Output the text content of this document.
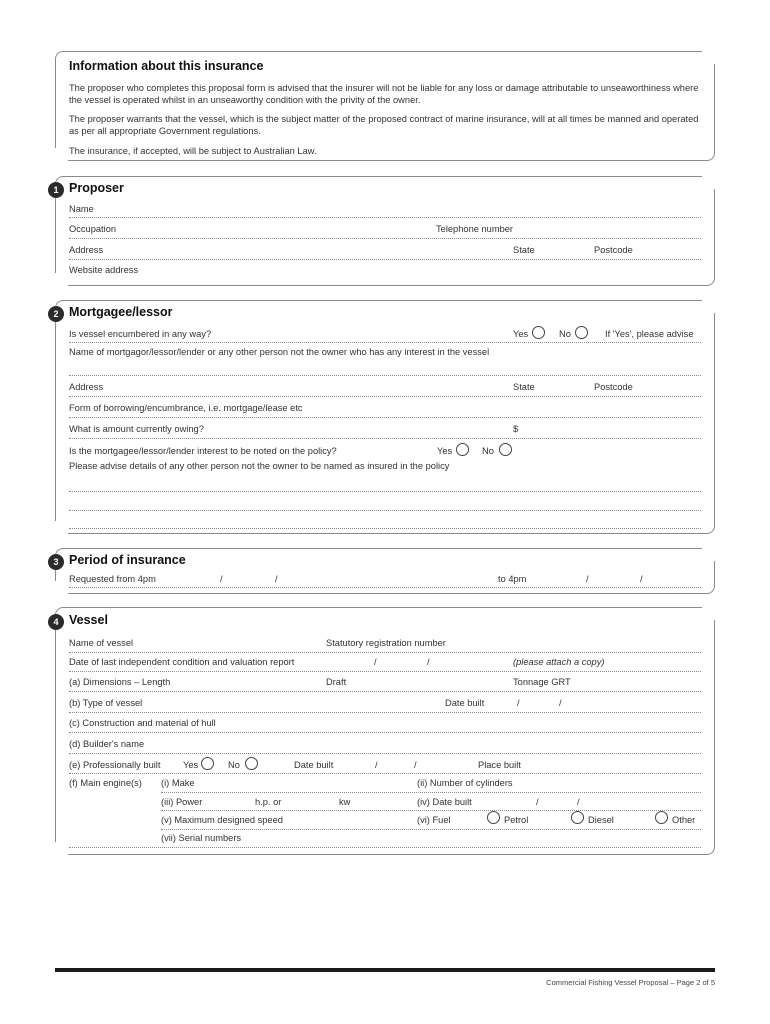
Information about this insurance
The proposer who completes this proposal form is advised that the insurer will not be liable for any loss or damage attributable to unseaworthiness where the vessel is operated whilst in an unseaworthy condition with the privity of the owner.
The proposer warrants that the vessel, which is the subject matter of the proposed contract of marine insurance, will at all times be manned and operated as per all appropriate Government regulations.
The insurance, if accepted, will be subject to Australian Law.
1 Proposer
Name
Occupation	Telephone number
Address	State	Postcode
Website address
2 Mortgagee/lessor
Is vessel encumbered in any way?	Yes	No	If 'Yes', please advise
Name of mortgagor/lessor/lender or any other person not the owner who has any interest in the vessel
Address	State	Postcode
Form of borrowing/encumbrance, i.e. mortgage/lease etc
What is amount currently owing?	$
Is the mortgagee/lessor/lender interest to be noted on the policy?	Yes	No
Please advise details of any other person not the owner to be named as insured in the policy
3 Period of insurance
Requested from 4pm	/	/	to 4pm	/	/
4 Vessel
Name of vessel	Statutory registration number
Date of last independent condition and valuation report	/	/	(please attach a copy)
(a) Dimensions – Length	Draft	Tonnage GRT
(b) Type of vessel	Date built	/	/
(c) Construction and material of hull
(d) Builder's name
(e) Professionally built Yes	No	Date built	/	/	Place built
(f) Main engine(s) (i) Make	(ii) Number of cylinders
(iii) Power	h.p. or	kw	(iv) Date built	/	/
(v) Maximum designed speed	(vi) Fuel	Petrol	Diesel	Other
(vii) Serial numbers
Commercial Fishing Vessel Proposal – Page 2 of 5
